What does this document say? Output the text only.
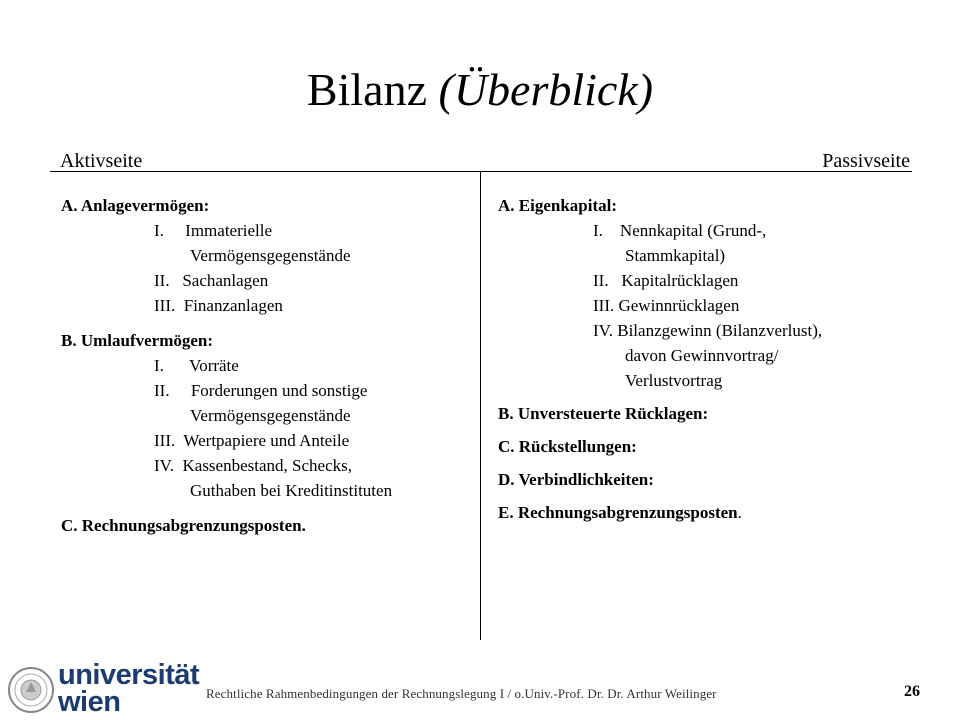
Bilanz (Überblick)
Aktivseite	Passivseite
A. Anlagevermögen:
I.     Immaterielle
Vermögensgegenstände
II.   Sachanlagen
III.  Finanzanlagen
B. Umlaufvermögen:
I.      Vorräte
II.     Forderungen und sonstige
Vermögensgegenstände
III.  Wertpapiere und Anteile
IV.  Kassenbestand, Schecks,
Guthaben bei Kreditinstituten
C. Rechnungsabgrenzungsposten.
A. Eigenkapital:
I.    Nennkapital (Grund-,
Stammkapital)
II.   Kapitalrücklagen
III. Gewinnrücklagen
IV. Bilanzgewinn (Bilanzverlust),
davon Gewinnvortrag/
Verlustvortrag
B. Unversteuerte Rücklagen:
C. Rückstellungen:
D. Verbindlichkeiten:
E. Rechnungsabgrenzungsposten.
universität
wien	Rechtliche Rahmenbedingungen der Rechnungslegung I / o.Univ.-Prof. Dr. Dr. Arthur Weilinger	26
